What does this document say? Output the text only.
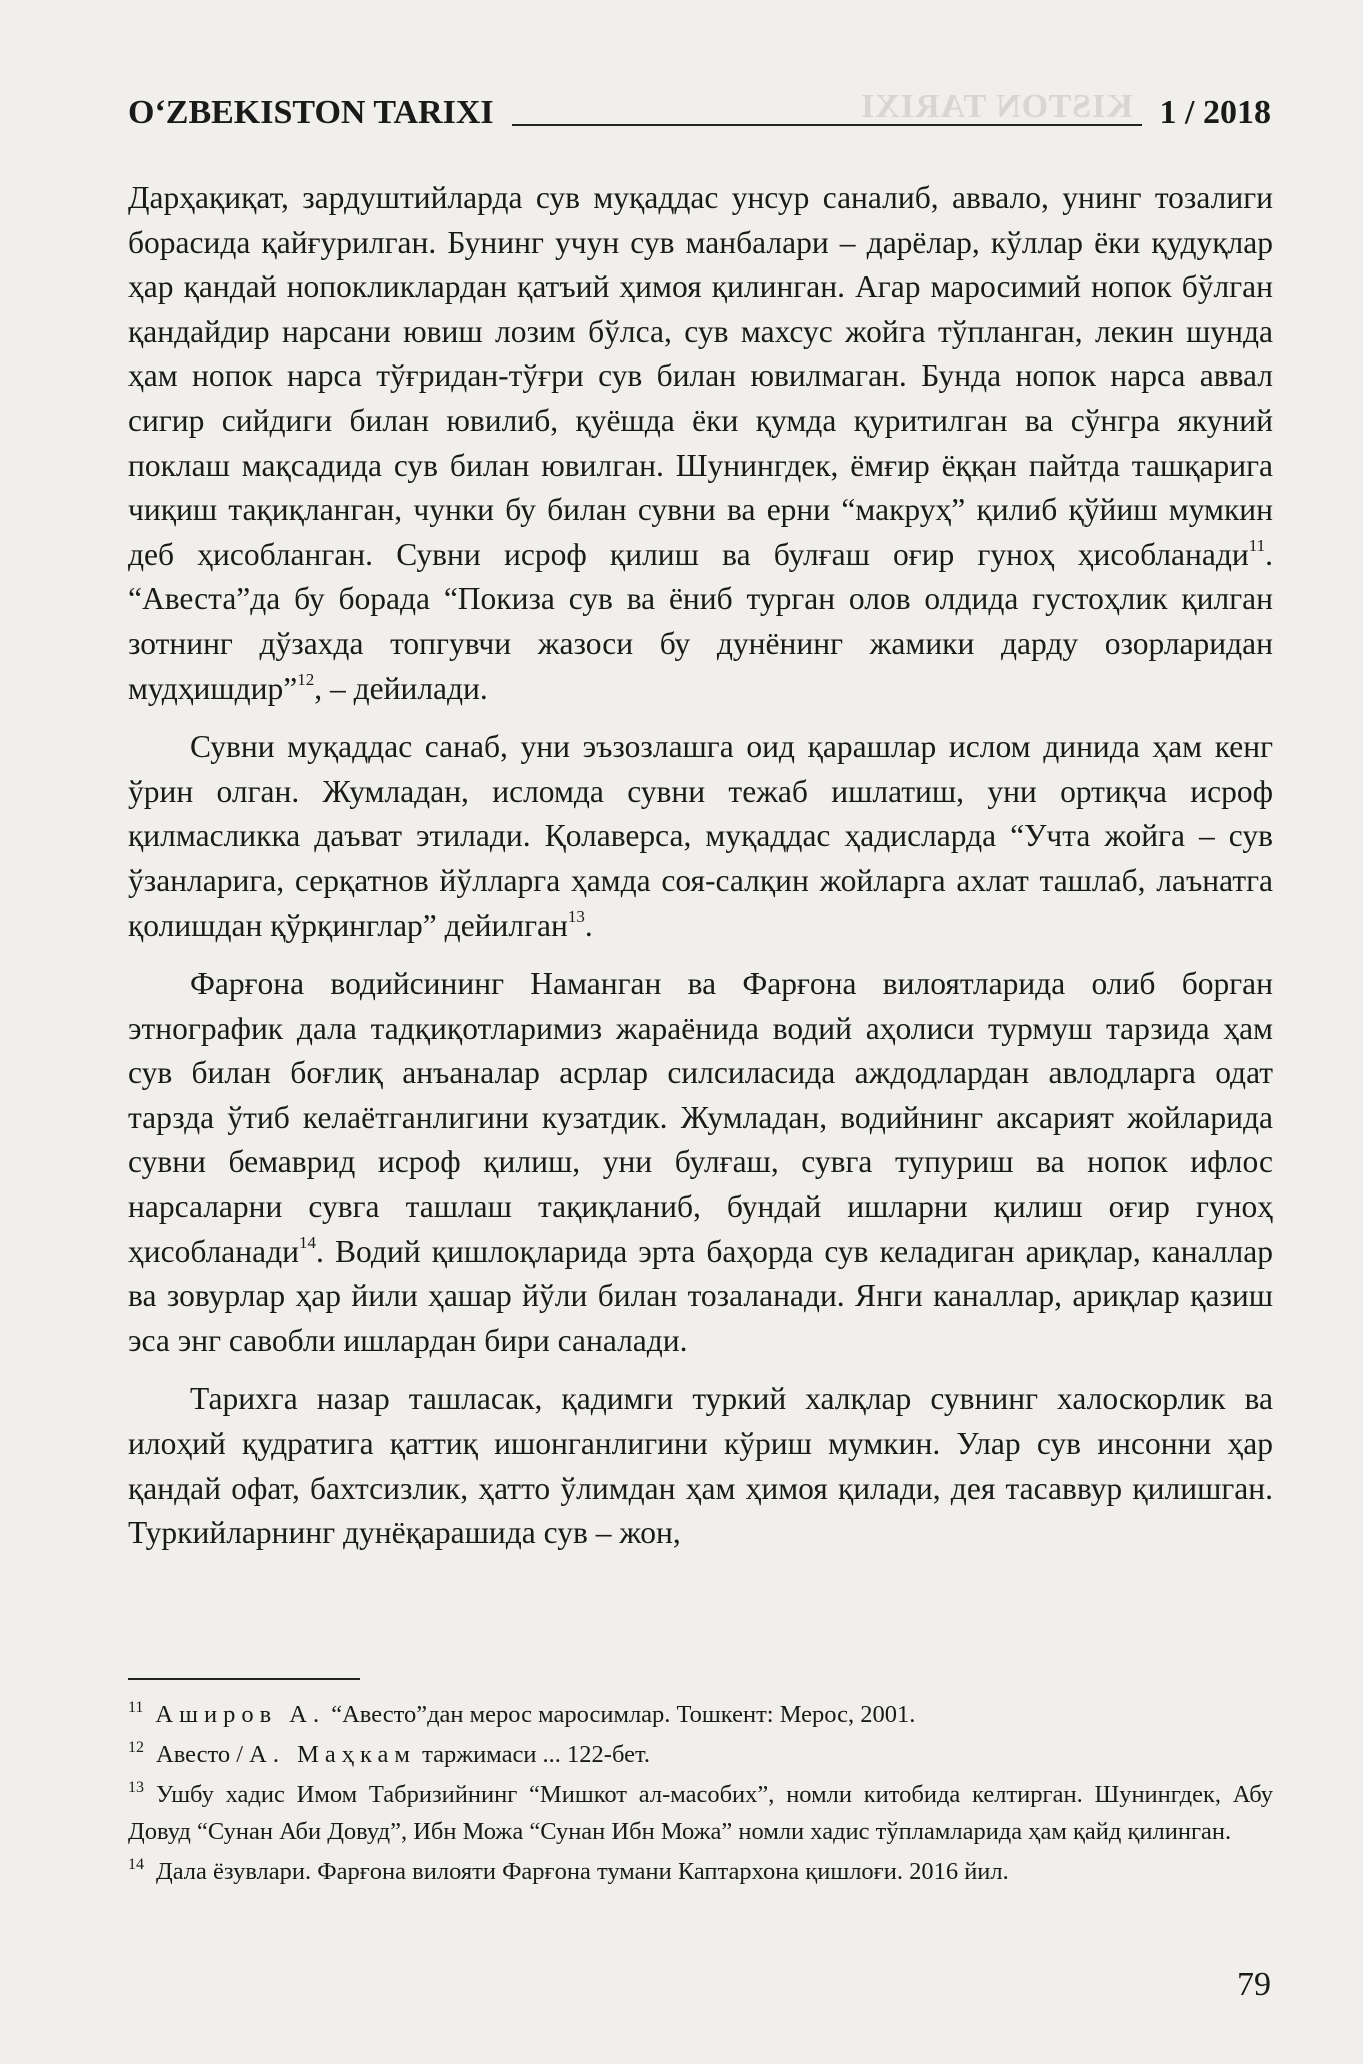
KISTON TARIXI
O‘ZBEKISTON TARIXI	1 / 2018

Дарҳақиқат, зардуштийларда сув муқаддас унсур саналиб, аввало, унинг тозалиги борасида қайғурилган. Бунинг учун сув манбалари – дарёлар, кўллар ёки қудуқлар ҳар қандай нопокликлардан қатъий ҳимоя қилинган. Агар маросимий нопок бўлган қандайдир нарсани ювиш лозим бўлса, сув махсус жойга тўпланган, лекин шунда ҳам нопок нарса тўғридан-тўғри сув билан ювилмаган. Бунда нопок нарса аввал сигир сийдиги билан ювилиб, қуёшда ёки қумда қуритилган ва сўнгра якуний поклаш мақсадида сув билан ювилган. Шунингдек, ёмғир ёққан пайтда ташқарига чиқиш тақиқланган, чунки бу билан сувни ва ерни “макруҳ” қилиб қўйиш мумкин деб ҳисобланган. Сувни исроф қилиш ва булғаш оғир гуноҳ ҳисобланади$^{11}$. “Авеста”да бу борада “Покиза сув ва ёниб турган олов олдида густоҳлик қилган зотнинг дўзахда топгувчи жазоси бу дунёнинг жамики дарду озорларидан мудҳишдир”$^{12}$, – дейилади.

Сувни муқаддас санаб, уни эъзозлашга оид қарашлар ислом динида ҳам кенг ўрин олган. Жумладан, исломда сувни тежаб ишлатиш, уни ортиқча исроф қилмасликка даъват этилади. Қолаверса, муқаддас ҳадисларда “Учта жойга – сув ўзанларига, серқатнов йўлларга ҳамда соя-салқин жойларга ахлат ташлаб, лаънатга қолишдан қўрқинглар” дейилган$^{13}$.

Фарғона водийсининг Наманган ва Фарғона вилоятларида олиб борган этнографик дала тадқиқотларимиз жараёнида водий аҳолиси турмуш тарзида ҳам сув билан боғлиқ анъаналар асрлар силсиласида аждодлардан авлодларга одат тарзда ўтиб келаётганлигини кузатдик. Жумладан, водийнинг аксарият жойларида сувни бемаврид исроф қилиш, уни булғаш, сувга тупуриш ва нопок ифлос нарсаларни сувга ташлаш тақиқланиб, бундай ишларни қилиш оғир гуноҳ ҳисобланади$^{14}$. Водий қишлоқларида эрта баҳорда сув келадиган ариқлар, каналлар ва зовурлар ҳар йили ҳашар йўли билан тозаланади. Янги каналлар, ариқлар қазиш эса энг савобли ишлардан бири саналади.

Тарихга назар ташласак, қадимги туркий халқлар сувнинг халоскорлик ва илоҳий қудратига қаттиқ ишонганлигини кўриш мумкин. Улар сув инсонни ҳар қандай офат, бахтсизлик, ҳатто ўлимдан ҳам ҳимоя қилади, дея тасаввур қилишган. Туркийларнинг дунёқарашида сув – жон,

$^{11}$ Аширов А. “Авесто”дан мерос маросимлар. Тошкент: Мерос, 2001.
$^{12}$ Авесто / А. Маҳкам таржимаси ... 122-бет.
$^{13}$ Ушбу хадис Имом Табризийнинг “Мишкот ал-масобих”, номли китобида келтирган. Шунингдек, Абу Довуд “Сунан Аби Довуд”, Ибн Можа “Сунан Ибн Можа” номли хадис тўпламларида ҳам қайд қилинган.
$^{14}$ Дала ёзувлари. Фарғона вилояти Фарғона тумани Каптархона қишлоғи. 2016 йил.
79
